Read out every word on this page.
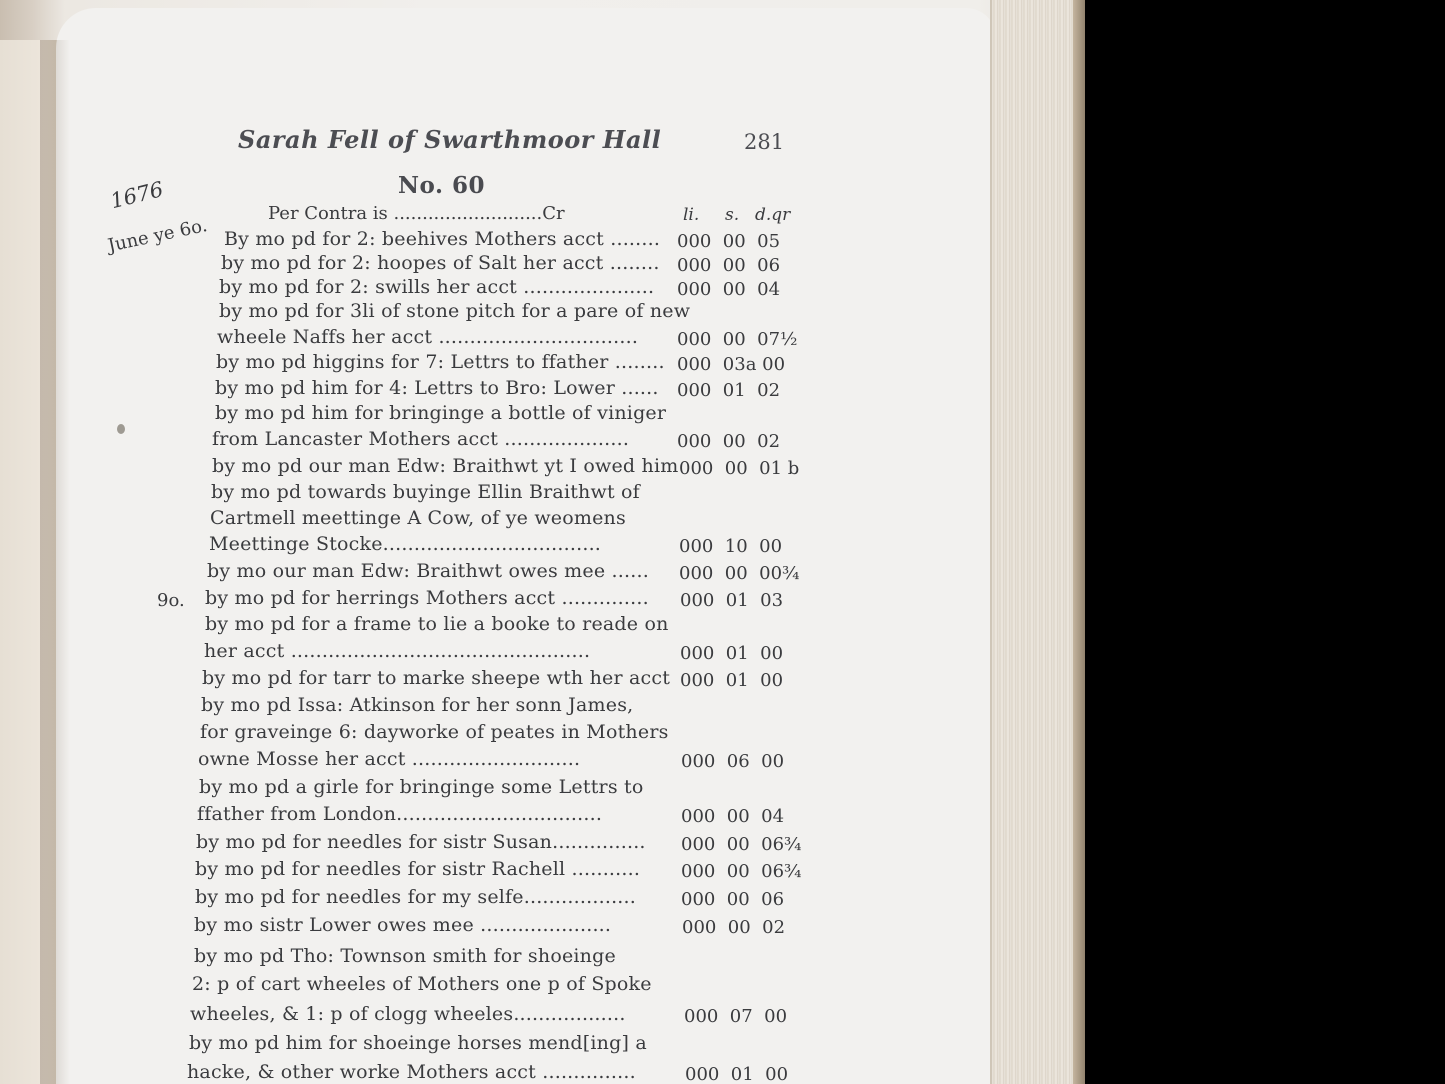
Sarah Fell of Swarthmoor Hall	281
1676	No. 60
Per Contra is ..........................Cr	li. s. d.qr
June ye 6o.
9o.
By mo pd for 2: beehives Mothers acct ........ 000  00  05
by mo pd for 2: hoopes of Salt her acct ........ 000  00  06
by mo pd for 2: swills her acct ..................... 000  00  04
by mo pd for 3li of stone pitch for a pare of new
wheele Naffs her acct ................................ 000  00  07½
by mo pd higgins for 7: Lettrs to ffather ........ 000  03a 00
by mo pd him for 4: Lettrs to Bro: Lower ...... 000  01  02
by mo pd him for bringinge a bottle of viniger
from Lancaster Mothers acct ....................	000  00  02
by mo pd our man Edw: Braithwt yt I owed him 000  00  01 b
by mo pd towards buyinge Ellin Braithwt of
Cartmell meettinge A Cow, of ye weomens
Meettinge Stocke...................................	000  10  00
by mo our man Edw: Braithwt owes mee ...... 000  00  00¾
by mo pd for herrings Mothers acct .............. 000  01  03
by mo pd for a frame to lie a booke to reade on
her acct ................................................	000  01  00
by mo pd for tarr to marke sheepe wth her acct 000  01  00
by mo pd Issa: Atkinson for her sonn James,
for graveinge 6: dayworke of peates in Mothers
owne Mosse her acct ...........................	000  06  00
by mo pd a girle for bringinge some Lettrs to
ffather from London.................................	000  00  04
by mo pd for needles for sistr Susan............... 000  00  06¾
by mo pd for needles for sistr Rachell ........... 000  00  06¾
by mo pd for needles for my selfe.................. 000  00  06
by mo sistr Lower owes mee .....................	000  00  02
by mo pd Tho: Townson smith for shoeinge
2: p of cart wheeles of Mothers one p of Spoke
wheeles, & 1: p of clogg wheeles..................	000  07  00
by mo pd him for shoeinge horses mend[ing] a
hacke, & other worke Mothers acct ...............	000  01  00
